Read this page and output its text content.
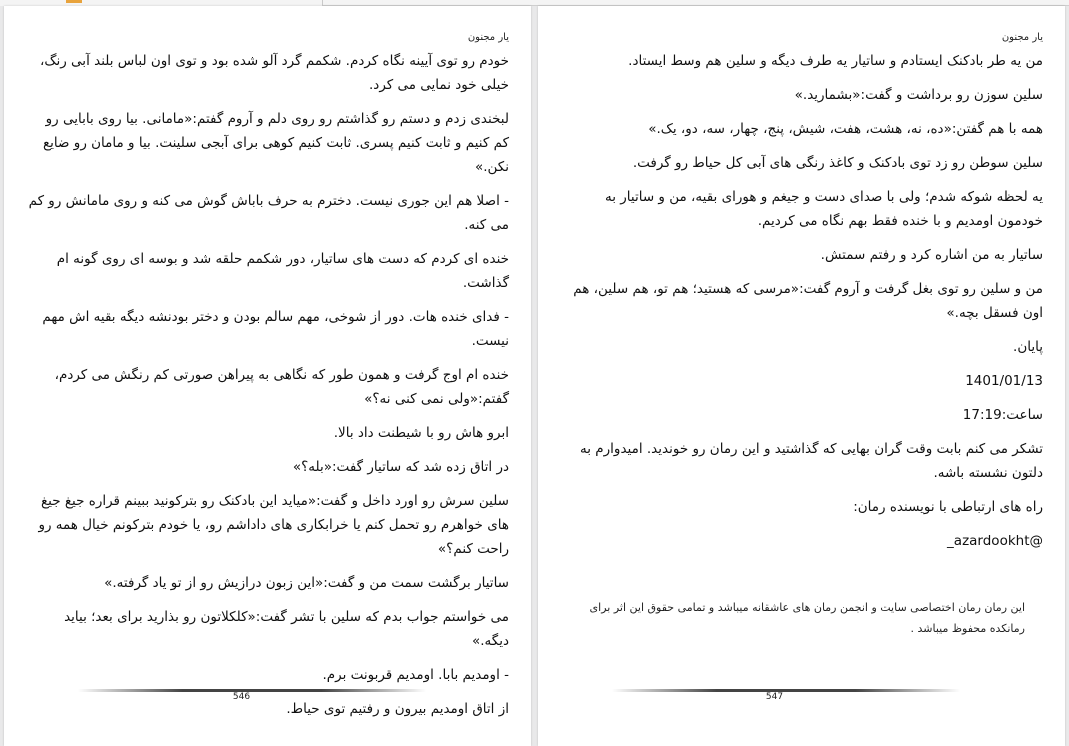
یار مجنون

خودم رو توی آیینه نگاه کردم. شکمم گرد آلو شده بود و توی اون لباس بلند آبی رنگ، خیلی خود نمایی می کرد.

لبخندی زدم و دستم رو گذاشتم رو روی دلم و آروم گفتم:«مامانی. بیا روی بابایی رو کم کنیم و ثابت کنیم پسری. ثابت کنیم کوهی برای آبجی سلینت. بیا و مامان رو ضایع نکن.»

- اصلا هم این جوری نیست. دخترم به حرف باباش گوش می کنه و روی مامانش رو کم می کنه.

خنده ای کردم که دست های ساتیار، دور شکمم حلقه شد و بوسه ای روی گونه ام گذاشت.

- فدای خنده هات. دور از شوخی، مهم سالم بودن و دختر بودنشه دیگه بقیه اش مهم نیست.

خنده ام اوج گرفت و همون طور که نگاهی به پیراهن صورتی کم رنگش می کردم، گفتم:«ولی نمی کنی نه؟»

ابرو هاش رو با شیطنت داد بالا.

در اتاق زده شد که ساتیار گفت:«بله؟»

سلین سرش رو اورد داخل و گفت:«میاید این بادکنک رو بترکونید ببینم قراره جیغ جیغ های خواهرم رو تحمل کنم یا خرابکاری های داداشم رو، یا خودم بترکونم خیال همه رو راحت کنم؟»

ساتیار برگشت سمت من و گفت:«این زبون درازیش رو از تو یاد گرفته.»

می خواستم جواب بدم که سلین با تشر گفت:«کلکلاتون رو بذارید برای بعد؛ بیاید دیگه.»

- اومدیم بابا. اومدیم قربونت برم.

از اتاق اومدیم بیرون و رفتیم توی حیاط.

546
یار مجنون

من یه طر بادکنک ایستادم و ساتیار یه طرف دیگه و سلین هم وسط ایستاد.

سلین سوزن رو برداشت و گفت:«بشمارید.»

همه با هم گفتن:«ده، نه، هشت، هفت، شیش، پنج، چهار، سه، دو، یک.»

سلین سوطن رو زد توی بادکنک و کاغذ رنگی های آبی کل حیاط رو گرفت.

یه لحظه شوکه شدم؛ ولی با صدای دست و جیغم و هورای بقیه، من و ساتیار به خودمون اومدیم و با خنده فقط بهم نگاه می کردیم.

ساتیار به من اشاره کرد و رفتم سمتش.

من و سلین رو توی بغل گرفت و آروم گفت:«مرسی که هستید؛ هم تو، هم سلین، هم اون فسقل بچه.»

پایان.

1401/01/13

ساعت:17:19

تشکر می کنم بابت وقت گران بهایی که گذاشتید و این رمان رو خوندید. امیدوارم به دلتون نشسته باشه.

راه های ارتباطی با نویسنده رمان:

@azardookht_

این رمان رمان اختصاصی سایت و انجمن رمان های عاشقانه میباشد و تمامی حقوق این اثر برای رمانکده محفوظ میباشد .
547
